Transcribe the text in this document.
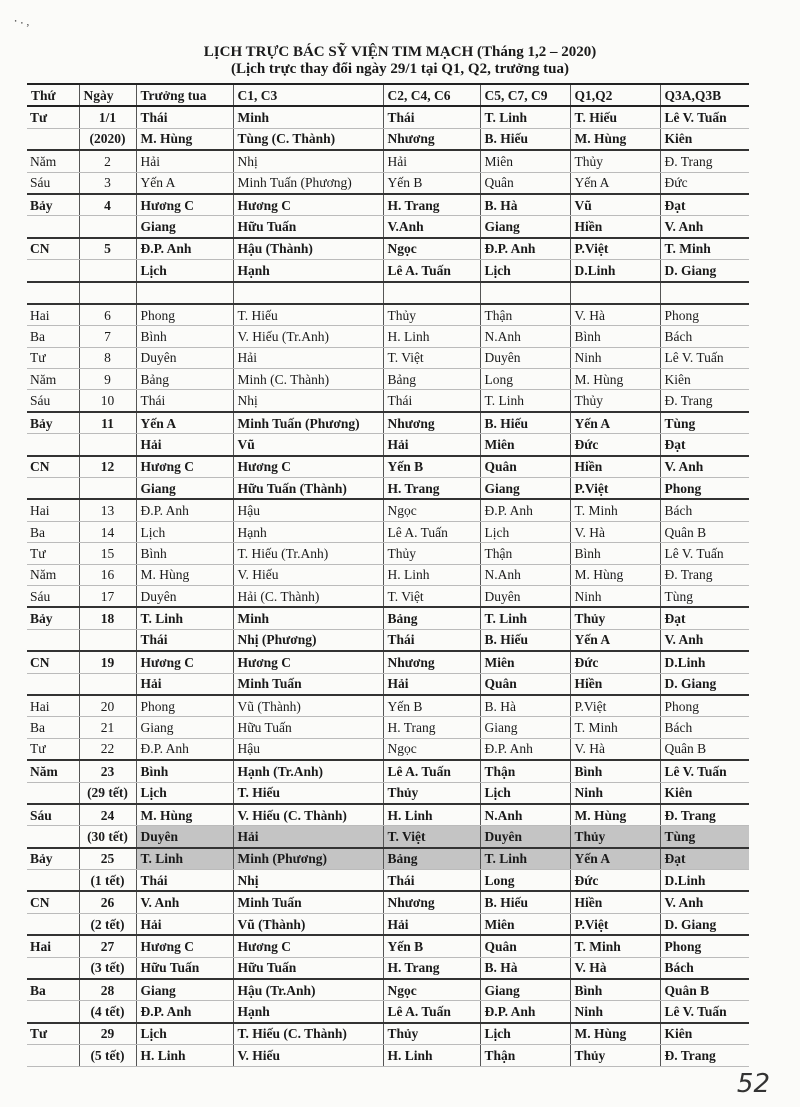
⸱ ⸳ ,
LỊCH TRỰC BÁC SỸ VIỆN TIM MẠCH (Tháng 1,2 – 2020)
(Lịch trực thay đổi ngày 29/1 tại Q1, Q2, trưởng tua)
Thứ	Ngày	Trưởng tua	C1, C3	C2, C4, C6	C5, C7, C9	Q1,Q2	Q3A,Q3B
Tư	1/1	Thái	Minh	Thái	T. Linh	T. Hiếu	Lê V. Tuấn
	(2020)	M. Hùng	Tùng (C. Thành)	Nhương	B. Hiếu	M. Hùng	Kiên
Năm	2	Hải	Nhị	Hải	Miên	Thủy	Đ. Trang
Sáu	3	Yến A	Minh Tuấn (Phương)	Yến B	Quân	Yến A	Đức
Bảy	4	Hương C	Hương C	H. Trang	B. Hà	Vũ	Đạt
		Giang	Hữu Tuấn	V.Anh	Giang	Hiền	V. Anh
CN	5	Đ.P. Anh	Hậu (Thành)	Ngọc	Đ.P. Anh	P.Việt	T. Minh
		Lịch	Hạnh	Lê A. Tuấn	Lịch	D.Linh	D. Giang

Hai	6	Phong	T. Hiếu	Thủy	Thận	V. Hà	Phong
Ba	7	Bình	V. Hiếu (Tr.Anh)	H. Linh	N.Anh	Bình	Bách
Tư	8	Duyên	Hải	T. Việt	Duyên	Ninh	Lê V. Tuấn
Năm	9	Bảng	Minh (C. Thành)	Bảng	Long	M. Hùng	Kiên
Sáu	10	Thái	Nhị	Thái	T. Linh	Thủy	Đ. Trang
Bảy	11	Yến A	Minh Tuấn (Phương)	Nhương	B. Hiếu	Yến A	Tùng
		Hải	Vũ	Hải	Miên	Đức	Đạt
CN	12	Hương C	Hương C	Yến B	Quân	Hiền	V. Anh
		Giang	Hữu Tuấn (Thành)	H. Trang	Giang	P.Việt	Phong
Hai	13	Đ.P. Anh	Hậu	Ngọc	Đ.P. Anh	T. Minh	Bách
Ba	14	Lịch	Hạnh	Lê A. Tuấn	Lịch	V. Hà	Quân B
Tư	15	Bình	T. Hiếu (Tr.Anh)	Thủy	Thận	Bình	Lê V. Tuấn
Năm	16	M. Hùng	V. Hiếu	H. Linh	N.Anh	M. Hùng	Đ. Trang
Sáu	17	Duyên	Hải (C. Thành)	T. Việt	Duyên	Ninh	Tùng
Bảy	18	T. Linh	Minh	Bảng	T. Linh	Thủy	Đạt
		Thái	Nhị (Phương)	Thái	B. Hiếu	Yến A	V. Anh
CN	19	Hương C	Hương C	Nhương	Miên	Đức	D.Linh
		Hải	Minh Tuấn	Hải	Quân	Hiền	D. Giang
Hai	20	Phong	Vũ (Thành)	Yến B	B. Hà	P.Việt	Phong
Ba	21	Giang	Hữu Tuấn	H. Trang	Giang	T. Minh	Bách
Tư	22	Đ.P. Anh	Hậu	Ngọc	Đ.P. Anh	V. Hà	Quân B
Năm	23	Bình	Hạnh (Tr.Anh)	Lê A. Tuấn	Thận	Bình	Lê V. Tuấn
	(29 tết)	Lịch	T. Hiếu	Thủy	Lịch	Ninh	Kiên
Sáu	24	M. Hùng	V. Hiếu (C. Thành)	H. Linh	N.Anh	M. Hùng	Đ. Trang
	(30 tết)	Duyên	Hải	T. Việt	Duyên	Thủy	Tùng
Bảy	25	T. Linh	Minh (Phương)	Bảng	T. Linh	Yến A	Đạt
	(1 tết)	Thái	Nhị	Thái	Long	Đức	D.Linh
CN	26	V. Anh	Minh Tuấn	Nhương	B. Hiếu	Hiền	V. Anh
	(2 tết)	Hải	Vũ (Thành)	Hải	Miên	P.Việt	D. Giang
Hai	27	Hương C	Hương C	Yến B	Quân	T. Minh	Phong
	(3 tết)	Hữu Tuấn	Hữu Tuấn	H. Trang	B. Hà	V. Hà	Bách
Ba	28	Giang	Hậu (Tr.Anh)	Ngọc	Giang	Bình	Quân B
	(4 tết)	Đ.P. Anh	Hạnh	Lê A. Tuấn	Đ.P. Anh	Ninh	Lê V. Tuấn
Tư	29	Lịch	T. Hiếu (C. Thành)	Thủy	Lịch	M. Hùng	Kiên
	(5 tết)	H. Linh	V. Hiếu	H. Linh	Thận	Thủy	Đ. Trang
52
